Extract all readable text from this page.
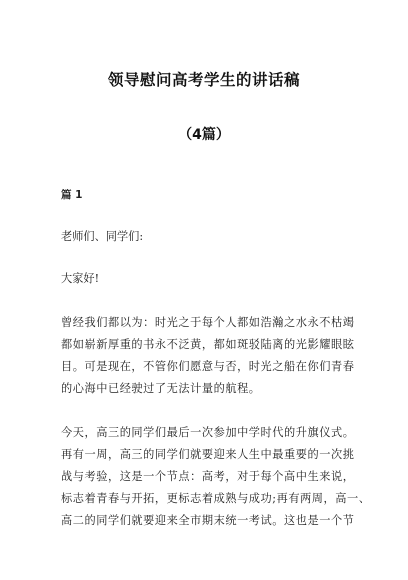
领导慰问高考学生的讲话稿
（4篇）
篇 1
老师们、同学们:
大家好!
曾经我们都以为：时光之于每个人都如浩瀚之水永不枯竭
都如崭新厚重的书永不泛黄，都如斑驳陆离的光影耀眼眩
目。可是现在，不管你们愿意与否，时光之船在你们青春
的心海中已经驶过了无法计量的航程。
今天，高三的同学们最后一次参加中学时代的升旗仪式。
再有一周，高三的同学们就要迎来人生中最重要的一次挑
战与考验，这是一个节点：高考，对于每个高中生来说，
标志着青春与开拓，更标志着成熟与成功;再有两周，高一、
高二的同学们就要迎来全市期末统一考试。这也是一个节
